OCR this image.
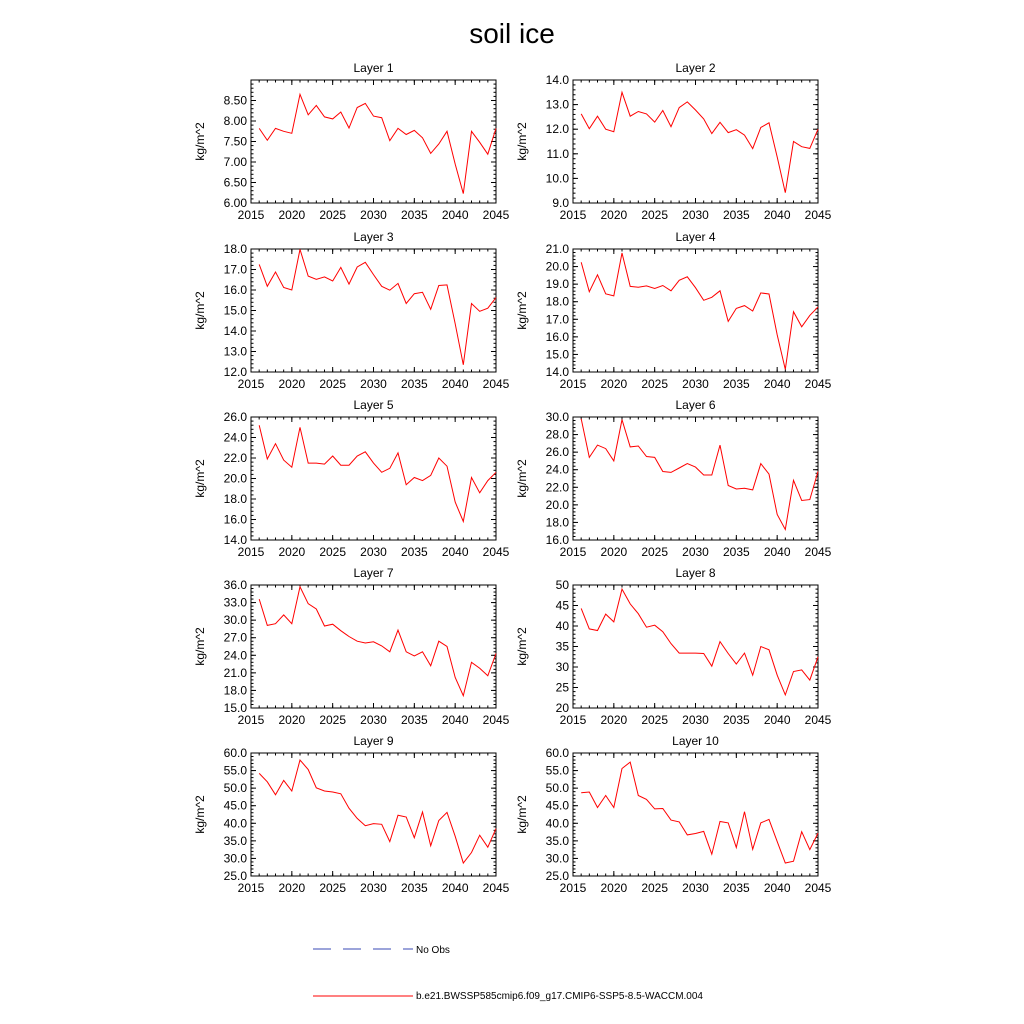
soil ice
Layer 1
6.00
6.50
7.00
7.50
8.00
8.50
2015 2020 2025 2030 2035 2040 2045
kg/m^2
Layer 2
9.0
10.0
11.0
12.0
13.0
14.0
2015 2020 2025 2030 2035 2040 2045
kg/m^2
Layer 3
12.0
13.0
14.0
15.0
16.0
17.0
18.0
2015 2020 2025 2030 2035 2040 2045
kg/m^2
Layer 4
14.0
15.0
16.0
17.0
18.0
19.0
20.0
21.0
2015 2020 2025 2030 2035 2040 2045
kg/m^2
Layer 5
14.0
16.0
18.0
20.0
22.0
24.0
26.0
2015 2020 2025 2030 2035 2040 2045
kg/m^2
Layer 6
16.0
18.0
20.0
22.0
24.0
26.0
28.0
30.0
2015 2020 2025 2030 2035 2040 2045
kg/m^2
Layer 7
15.0
18.0
21.0
24.0
27.0
30.0
33.0
36.0
2015 2020 2025 2030 2035 2040 2045
kg/m^2
Layer 8
20
25
30
35
40
45
50
2015 2020 2025 2030 2035 2040 2045
kg/m^2
Layer 9
25.0
30.0
35.0
40.0
45.0
50.0
55.0
60.0
2015 2020 2025 2030 2035 2040 2045
kg/m^2
Layer 10
25.0
30.0
35.0
40.0
45.0
50.0
55.0
60.0
2015 2020 2025 2030 2035 2040 2045
kg/m^2
No Obs
b.e21.BWSSP585cmip6.f09_g17.CMIP6-SSP5-8.5-WACCM.004
